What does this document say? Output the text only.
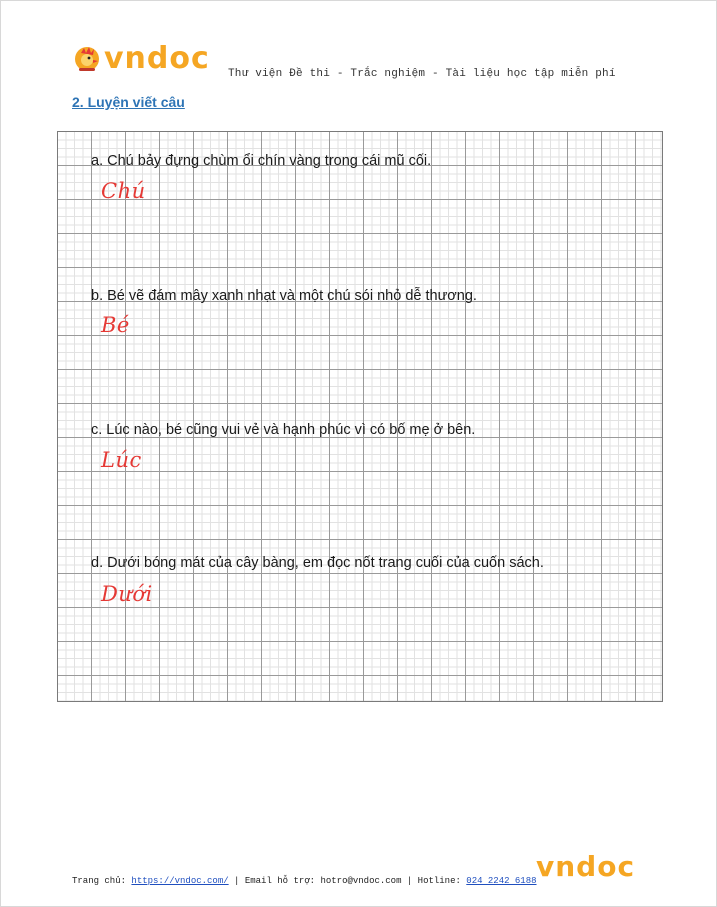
vndoc Thư viện Đề thi - Trắc nghiệm - Tài liệu học tập miễn phí
2. Luyện viết câu
a. Chú bảy đựng chùm ổi chín vàng trong cái mũ cối.
Chú
b. Bé vẽ đám mây xanh nhạt và một chú sói nhỏ dễ thương.
Bé
c. Lúc nào, bé cũng vui vẻ và hạnh phúc vì có bố mẹ ở bên.
Lúc
d. Dưới bóng mát của cây bàng, em đọc nốt trang cuối của cuốn sách.
Dưới
Trang chủ: https://vndoc.com/ | Email hỗ trợ: hotro@vndoc.com | Hotline: 024 2242 6188 vndoc
